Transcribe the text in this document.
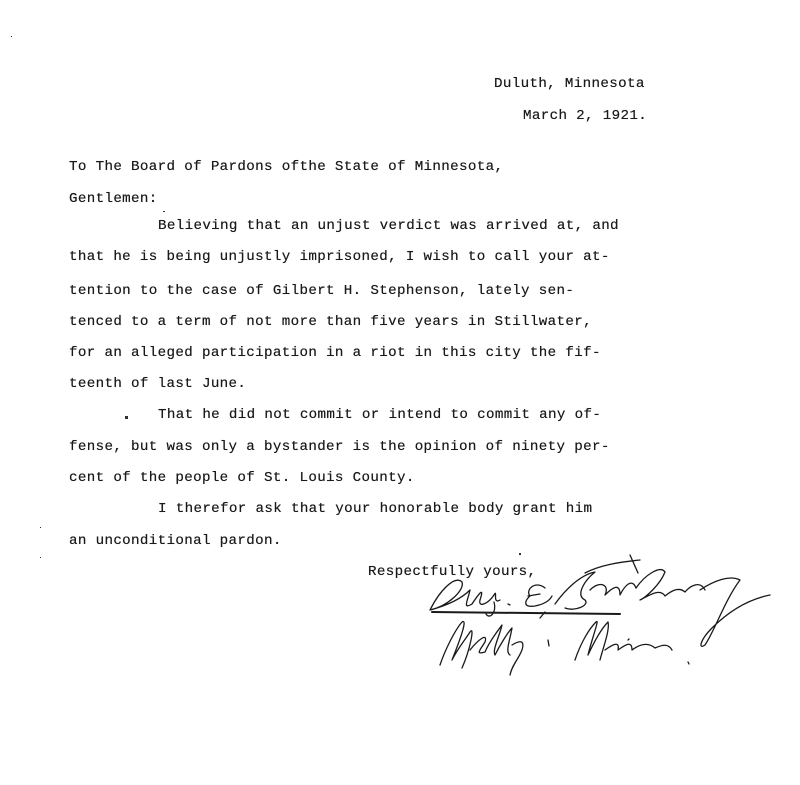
Duluth, Minnesota
March 2, 1921.
To The Board of Pardons ofthe State of Minnesota,
Gentlemen:
Believing that an unjust verdict was arrived at, and
that he is being unjustly imprisoned, I wish to call your at-
tention to the case of Gilbert H. Stephenson, lately sen-
tenced to a term of not more than five years in Stillwater,
for an alleged participation in a riot in this city the fif-
teenth of last June.
That he did not commit or intend to commit any of-
fense, but was only a bystander is the opinion of ninety per-
cent of the people of St. Louis County.
I therefor ask that your honorable body grant him
an unconditional pardon.
Respectfully yours,
